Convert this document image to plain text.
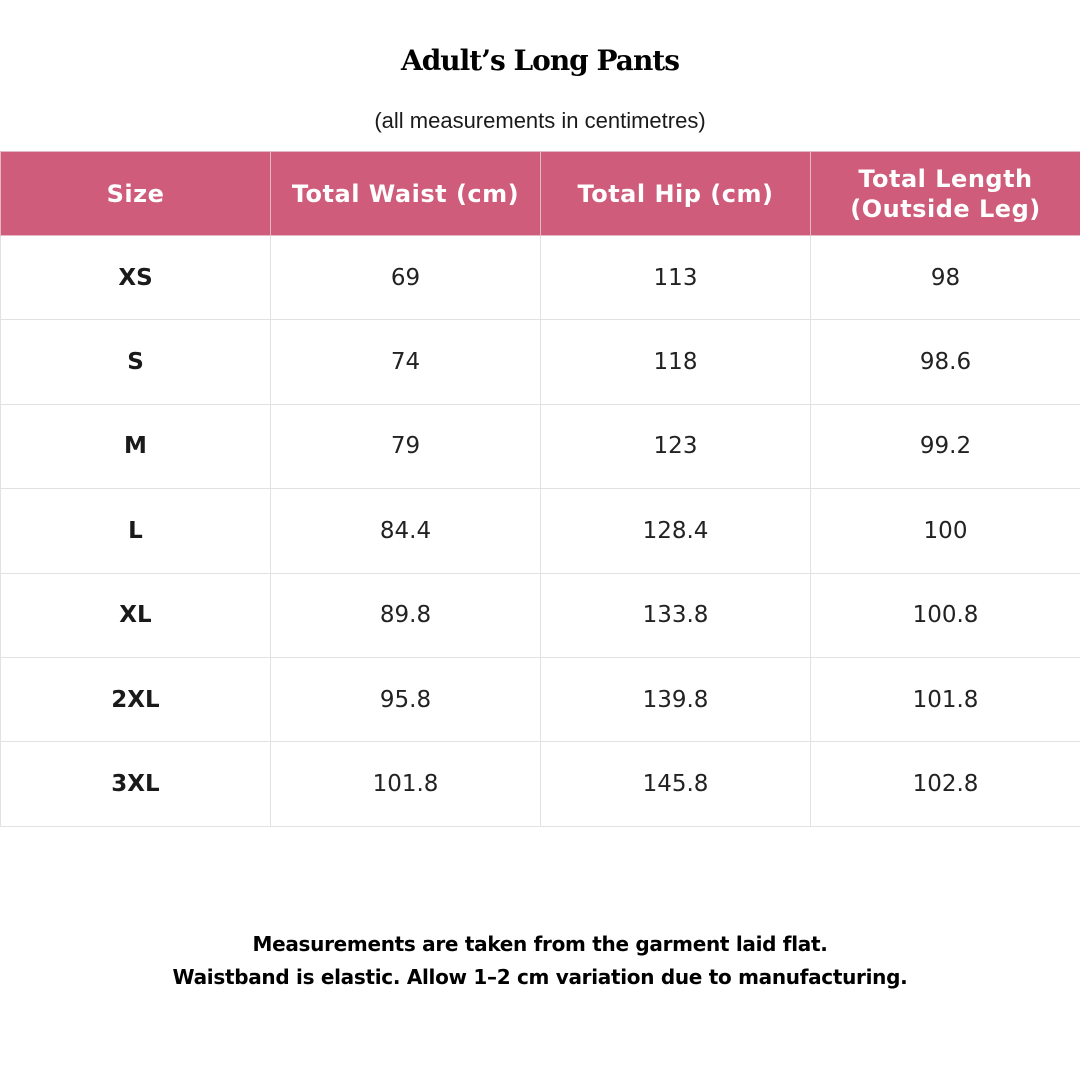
Adult’s Long Pants

(all measurements in centimetres)

Size	Total Waist (cm)	Total Hip (cm)	Total Length
(Outside Leg)

XS	69	113	98
S	74	118	98.6
M	79	123	99.2
L	84.4	128.4	100
XL	89.8	133.8	100.8
2XL	95.8	139.8	101.8
3XL	101.8	145.8	102.8
Measurements are taken from the garment laid flat.
Waistband is elastic. Allow 1–2 cm variation due to manufacturing.
